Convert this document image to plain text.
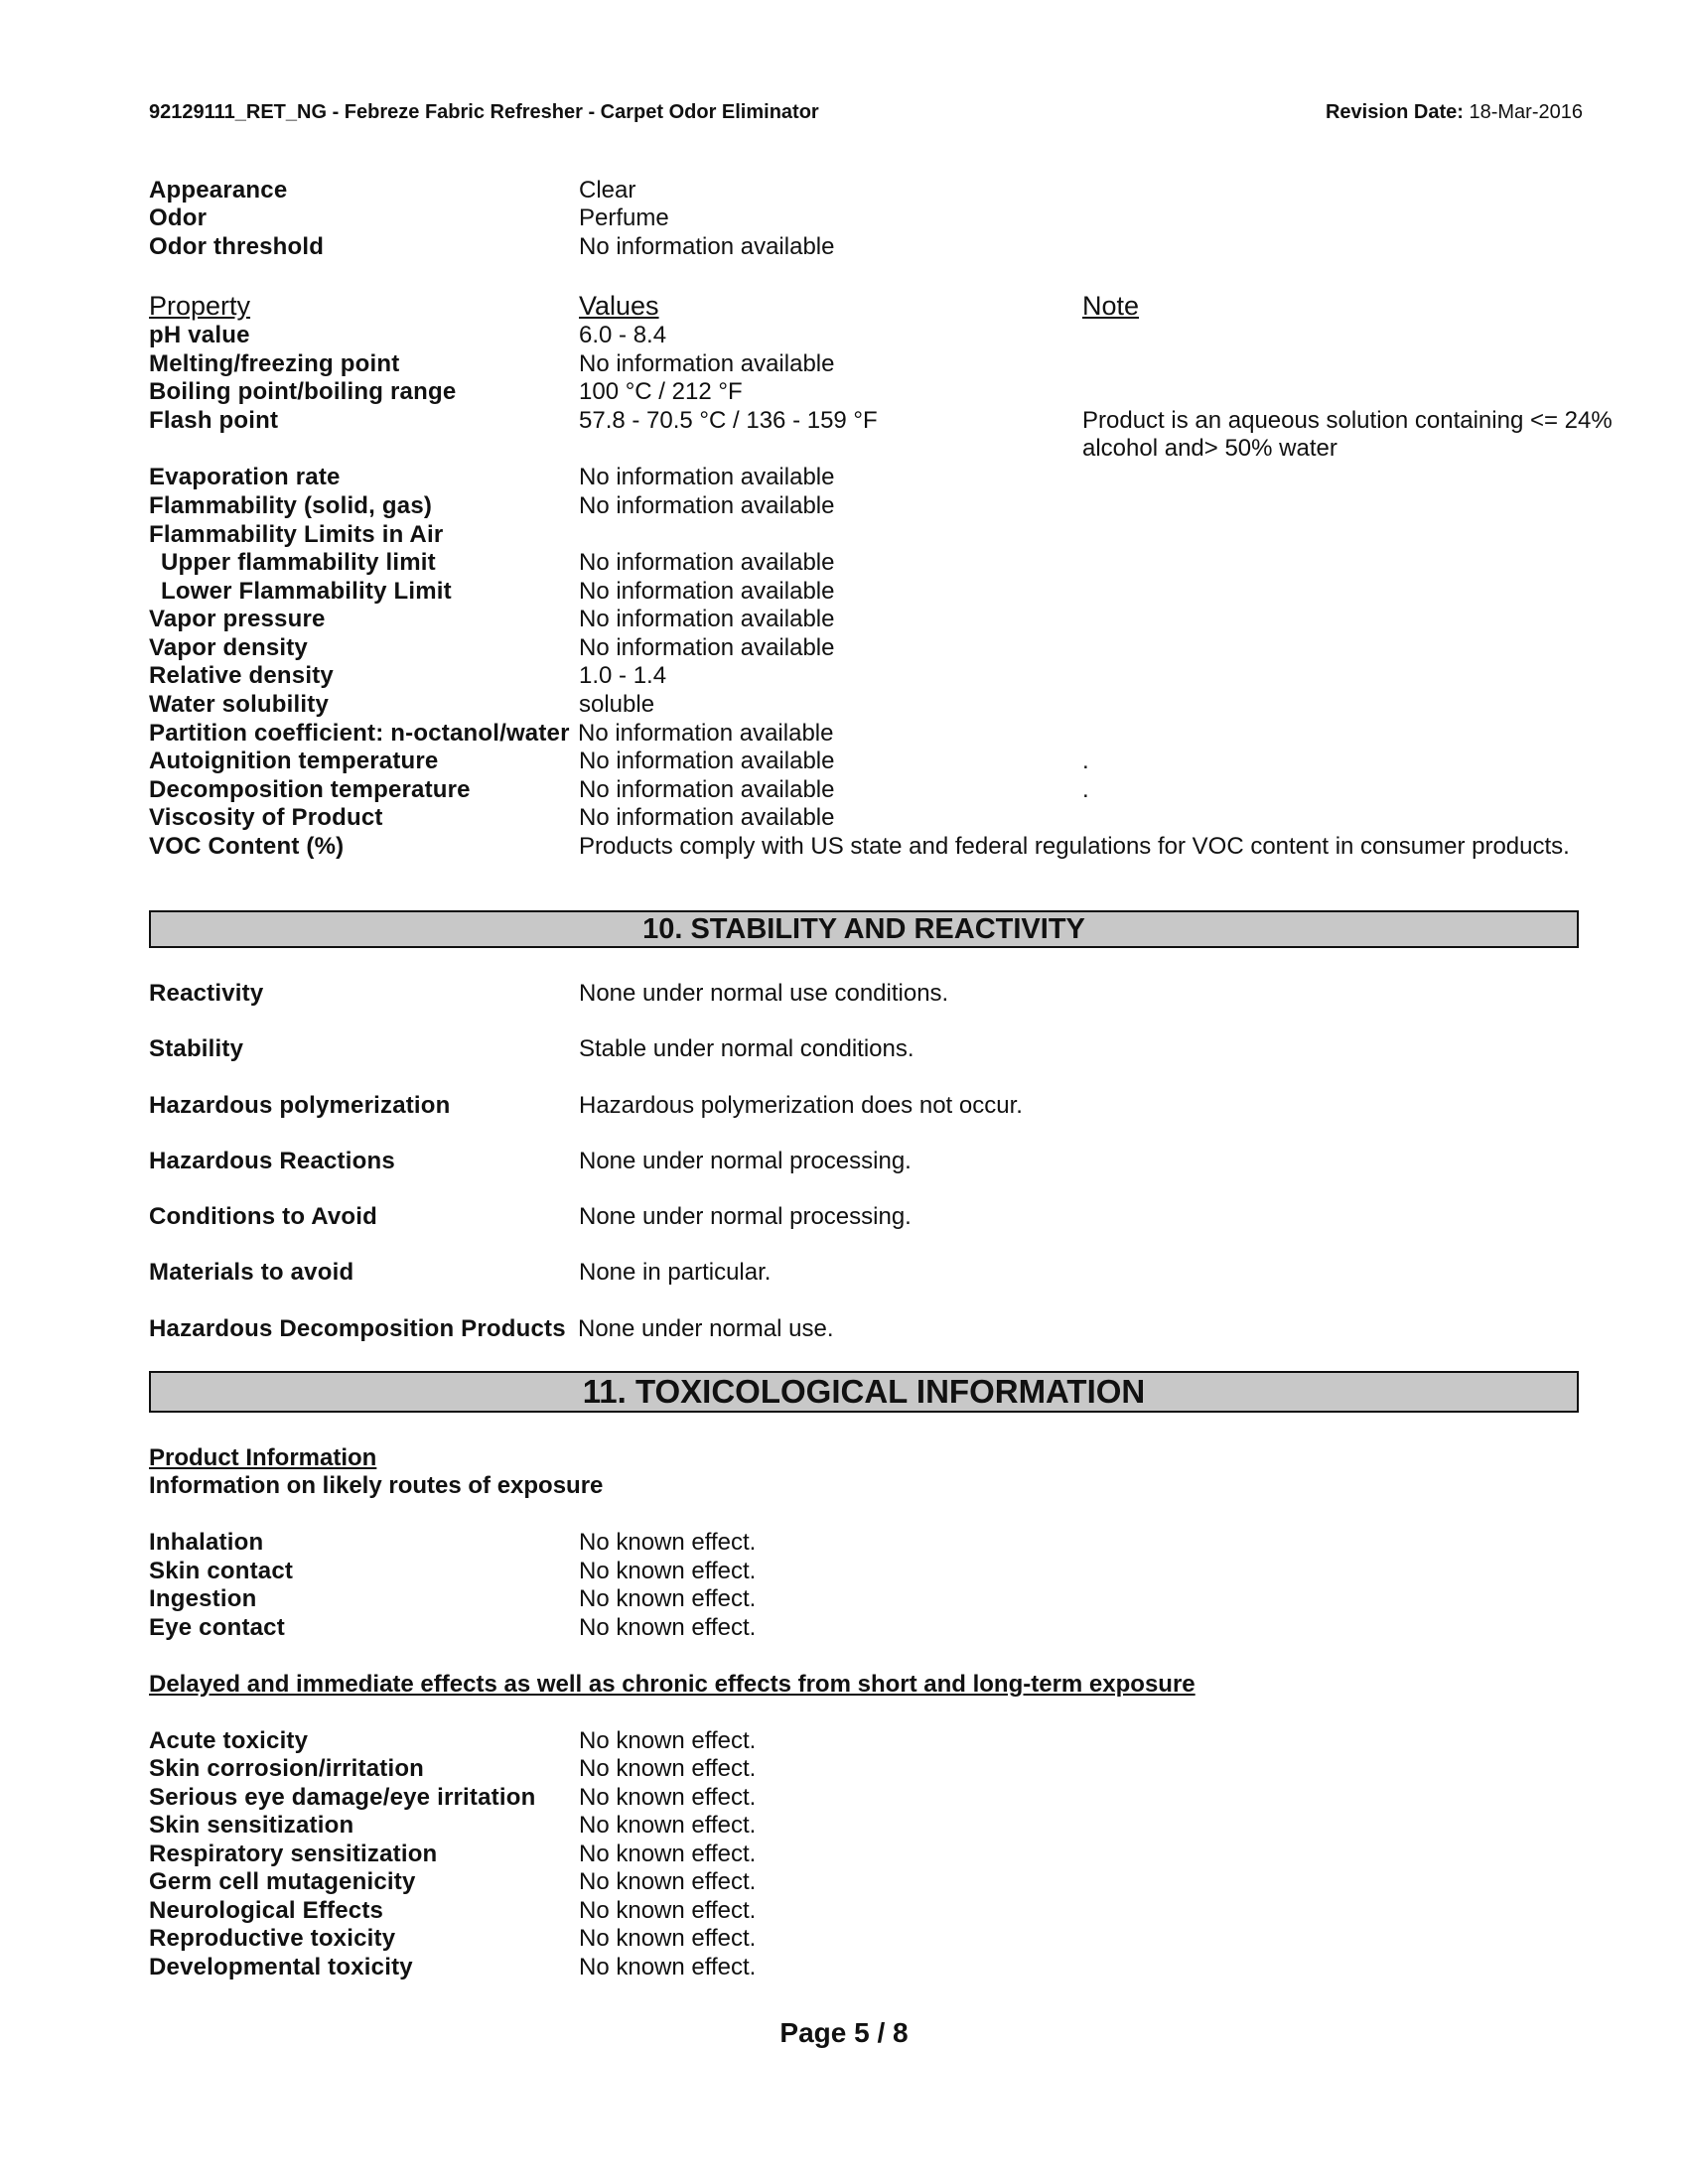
92129111_RET_NG - Febreze Fabric Refresher - Carpet Odor Eliminator	Revision Date: 18-Mar-2016
Appearance	Clear
Odor	Perfume
Odor threshold	No information available
Property	Values	Note
pH value	6.0 - 8.4
Melting/freezing point	No information available
Boiling point/boiling range	100 °C / 212 °F
Flash point	57.8 - 70.5 °C / 136 - 159 °F	Product is an aqueous solution containing <= 24% alcohol and> 50% water
Evaporation rate	No information available
Flammability (solid, gas)	No information available
Flammability Limits in Air
Upper flammability limit	No information available
Lower Flammability Limit	No information available
Vapor pressure	No information available
Vapor density	No information available
Relative density	1.0 - 1.4
Water solubility	soluble
Partition coefficient: n-octanol/water No information available
Autoignition temperature	No information available	.
Decomposition temperature	No information available	.
Viscosity of Product	No information available
VOC Content (%)	Products comply with US state and federal regulations for VOC content in consumer products.
10. STABILITY AND REACTIVITY
Reactivity	None under normal use conditions.
Stability	Stable under normal conditions.
Hazardous polymerization	Hazardous polymerization does not occur.
Hazardous Reactions	None under normal processing.
Conditions to Avoid	None under normal processing.
Materials to avoid	None in particular.
Hazardous Decomposition Products None under normal use.
11. TOXICOLOGICAL INFORMATION
Product Information
Information on likely routes of exposure
Inhalation	No known effect.
Skin contact	No known effect.
Ingestion	No known effect.
Eye contact	No known effect.
Delayed and immediate effects as well as chronic effects from short and long-term exposure
Acute toxicity	No known effect.
Skin corrosion/irritation	No known effect.
Serious eye damage/eye irritation No known effect.
Skin sensitization	No known effect.
Respiratory sensitization	No known effect.
Germ cell mutagenicity	No known effect.
Neurological Effects	No known effect.
Reproductive toxicity	No known effect.
Developmental toxicity	No known effect.
Page 5 / 8
